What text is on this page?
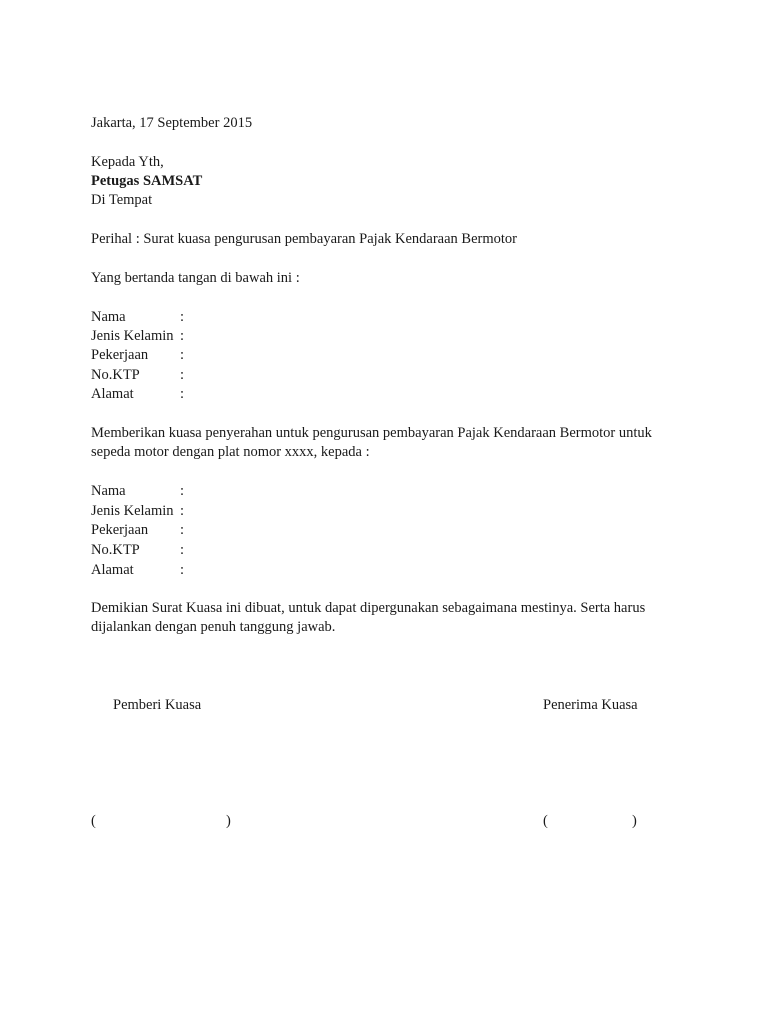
Jakarta, 17 September 2015
Kepada Yth,
Petugas SAMSAT
Di Tempat
Perihal : Surat kuasa pengurusan pembayaran Pajak Kendaraan Bermotor
Yang bertanda tangan di bawah ini :
Nama	:
Jenis Kelamin :
Pekerjaan :
No.KTP	:
Alamat	:
Memberikan kuasa penyerahan untuk pengurusan pembayaran Pajak Kendaraan Bermotor untuk
sepeda motor dengan plat nomor xxxx, kepada :
Nama	:
Jenis Kelamin :
Pekerjaan :
No.KTP	:
Alamat	:
Demikian Surat Kuasa ini dibuat, untuk dapat dipergunakan sebagaimana mestinya. Serta harus
dijalankan dengan penuh tanggung jawab.
Pemberi Kuasa	Penerima Kuasa
(	)	(	)
